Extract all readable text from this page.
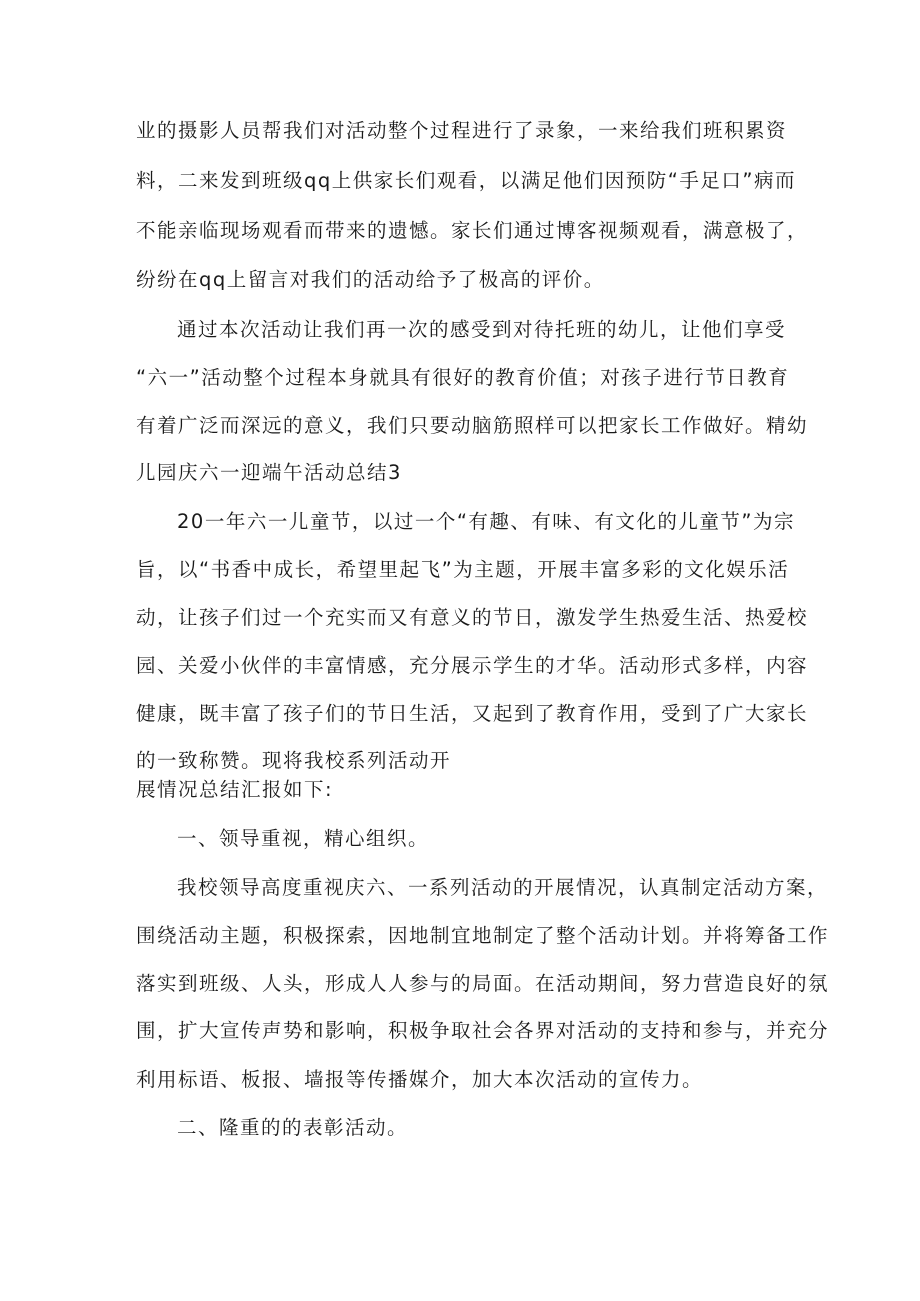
业的摄影人员帮我们对活动整个过程进行了录象，一来给我们班积累资

料，二来发到班级qq上供家长们观看，以满足他们因预防“手足口”病而

不能亲临现场观看而带来的遗憾。家长们通过博客视频观看，满意极了，

纷纷在qq上留言对我们的活动给予了极高的评价。

通过本次活动让我们再一次的感受到对待托班的幼儿，让他们享受

“六一”活动整个过程本身就具有很好的教育价值；对孩子进行节日教育

有着广泛而深远的意义，我们只要动脑筋照样可以把家长工作做好。精幼

儿园庆六一迎端午活动总结3

20一年六一儿童节，以过一个“有趣、有味、有文化的儿童节”为宗

旨，以“书香中成长，希望里起飞”为主题，开展丰富多彩的文化娱乐活

动，让孩子们过一个充实而又有意义的节日，激发学生热爱生活、热爱校

园、关爱小伙伴的丰富情感，充分展示学生的才华。活动形式多样，内容

健康，既丰富了孩子们的节日生活，又起到了教育作用，受到了广大家长

的一致称赞。现将我校系列活动开

展情况总结汇报如下:

一、领导重视，精心组织。

我校领导高度重视庆六、一系列活动的开展情况，认真制定活动方案，

围绕活动主题，积极探索，因地制宜地制定了整个活动计划。并将筹备工作

落实到班级、人头，形成人人参与的局面。在活动期间，努力营造良好的氛

围，扩大宣传声势和影响，积极争取社会各界对活动的支持和参与，并充分

利用标语、板报、墙报等传播媒介，加大本次活动的宣传力。

二、隆重的的表彰活动。
